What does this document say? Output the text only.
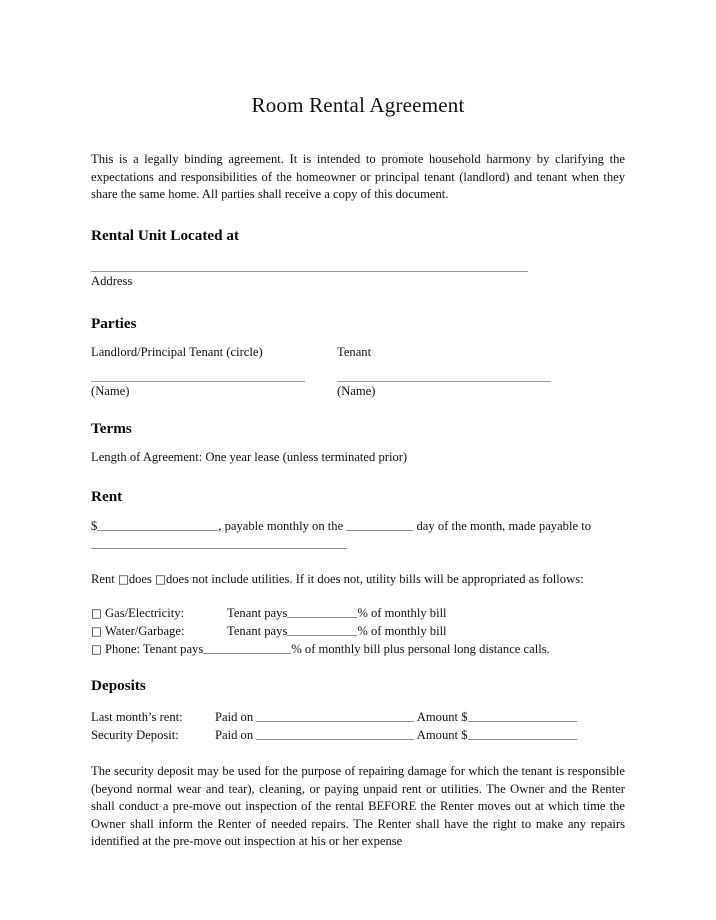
Room Rental Agreement

This is a legally binding agreement. It is intended to promote household harmony by clarifying the expectations and responsibilities of the homeowner or principal tenant (landlord) and tenant when they share the same home. All parties shall receive a copy of this document.

Rental Unit Located at

Address

Parties
Landlord/Principal Tenant (circle)	Tenant

(Name)	(Name)

Terms

Length of Agreement: One year lease (unless terminated prior)

Rent

$	, payable monthly on the	day of the month, made payable to

Rent □does □does not include utilities. If it does not, utility bills will be appropriated as follows:

□ Gas/Electricity:	Tenant pays	% of monthly bill
□ Water/Garbage:	Tenant pays	% of monthly bill
□ Phone: Tenant pays	% of monthly bill plus personal long distance calls.
Deposits
Last month’s rent:	Paid on	Amount $
Security Deposit:	Paid on	Amount $

The security deposit may be used for the purpose of repairing damage for which the tenant is responsible (beyond normal wear and tear), cleaning, or paying unpaid rent or utilities. The Owner and the Renter shall conduct a pre-move out inspection of the rental BEFORE the Renter moves out at which time the Owner shall inform the Renter of needed repairs. The Renter shall have the right to make any repairs identified at the pre-move out inspection at his or her expense
